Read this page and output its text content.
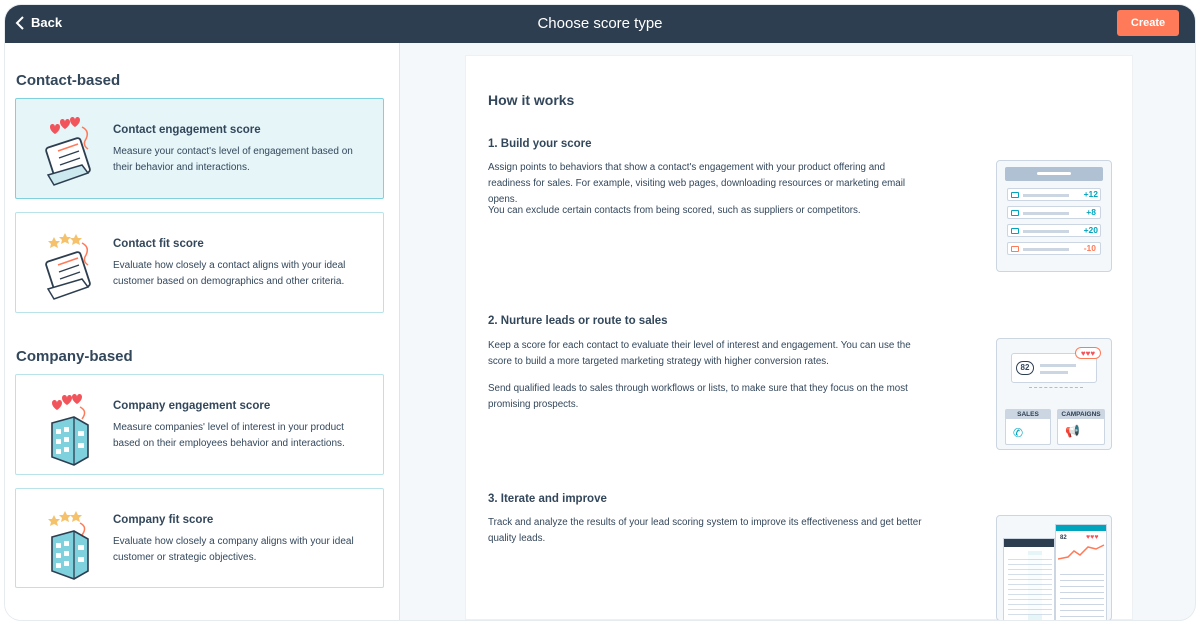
Back	Choose score type	Create
Contact-based
Contact engagement score
Measure your contact's level of engagement based on their behavior and interactions.
Contact fit score
Evaluate how closely a contact aligns with your ideal customer based on demographics and other criteria.
Company-based
Company engagement score
Measure companies' level of interest in your product based on their employees behavior and interactions.
Company fit score
Evaluate how closely a company aligns with your ideal customer or strategic objectives.
How it works
1. Build your score
Assign points to behaviors that show a contact's engagement with your product offering and readiness for sales. For example, visiting web pages, downloading resources or marketing email opens.
You can exclude certain contacts from being scored, such as suppliers or competitors.
+12
+8
+20
-10
2. Nurture leads or route to sales
Keep a score for each contact to evaluate their level of interest and engagement. You can use the score to build a more targeted marketing strategy with higher conversion rates.
Send qualified leads to sales through workflows or lists, to make sure that they focus on the most promising prospects.
82
♥♥♥
SALES
✆
CAMPAIGNS
📢
3. Iterate and improve
Track and analyze the results of your lead scoring system to improve its effectiveness and get better quality leads.	82	♥♥♥
